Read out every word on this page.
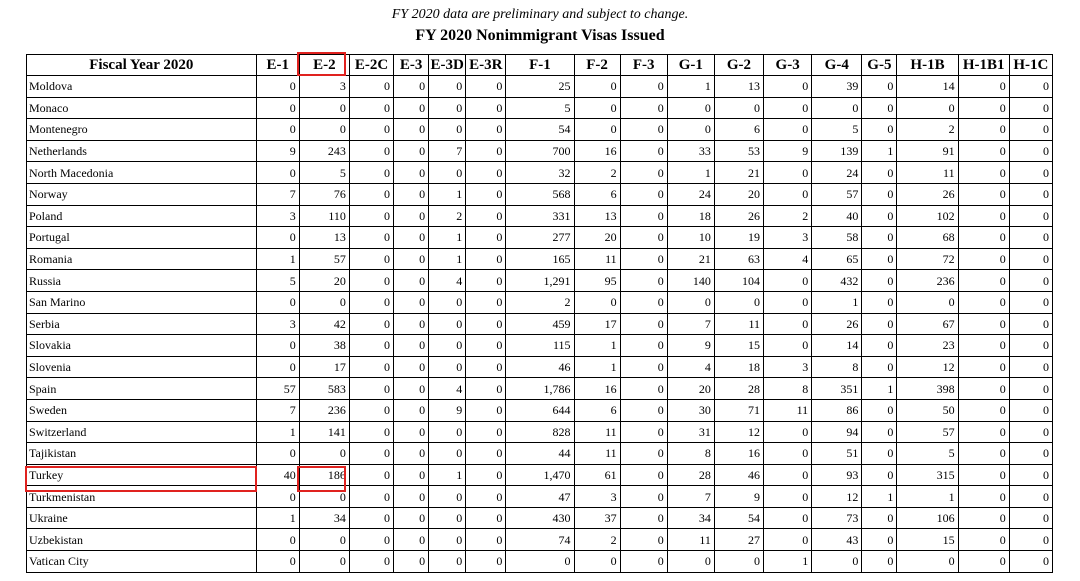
FY 2020 data are preliminary and subject to change.
FY 2020 Nonimmigrant Visas Issued
Fiscal Year 2020	E-1	E-2	E-2C	E-3	E-3D	E-3R	F-1	F-2	F-3	G-1	G-2	G-3	G-4	G-5	H-1B	H-1B1	H-1C
Moldova	0	3	0	0	0	0	25	0	0	1	13	0	39	0	14	0	0
Monaco	0	0	0	0	0	0	5	0	0	0	0	0	0	0	0	0	0
Montenegro	0	0	0	0	0	0	54	0	0	0	6	0	5	0	2	0	0
Netherlands	9	243	0	0	7	0	700	16	0	33	53	9	139	1	91	0	0
North Macedonia	0	5	0	0	0	0	32	2	0	1	21	0	24	0	11	0	0
Norway	7	76	0	0	1	0	568	6	0	24	20	0	57	0	26	0	0
Poland	3	110	0	0	2	0	331	13	0	18	26	2	40	0	102	0	0
Portugal	0	13	0	0	1	0	277	20	0	10	19	3	58	0	68	0	0
Romania	1	57	0	0	1	0	165	11	0	21	63	4	65	0	72	0	0
Russia	5	20	0	0	4	0	1,291	95	0	140	104	0	432	0	236	0	0
San Marino	0	0	0	0	0	0	2	0	0	0	0	0	1	0	0	0	0
Serbia	3	42	0	0	0	0	459	17	0	7	11	0	26	0	67	0	0
Slovakia	0	38	0	0	0	0	115	1	0	9	15	0	14	0	23	0	0
Slovenia	0	17	0	0	0	0	46	1	0	4	18	3	8	0	12	0	0
Spain	57	583	0	0	4	0	1,786	16	0	20	28	8	351	1	398	0	0
Sweden	7	236	0	0	9	0	644	6	0	30	71	11	86	0	50	0	0
Switzerland	1	141	0	0	0	0	828	11	0	31	12	0	94	0	57	0	0
Tajikistan	0	0	0	0	0	0	44	11	0	8	16	0	51	0	5	0	0
Turkey	40	186	0	0	1	0	1,470	61	0	28	46	0	93	0	315	0	0
Turkmenistan	0	0	0	0	0	0	47	3	0	7	9	0	12	1	1	0	0
Ukraine	1	34	0	0	0	0	430	37	0	34	54	0	73	0	106	0	0
Uzbekistan	0	0	0	0	0	0	74	2	0	11	27	0	43	0	15	0	0
Vatican City	0	0	0	0	0	0	0	0	0	0	0	1	0	0	0	0	0
